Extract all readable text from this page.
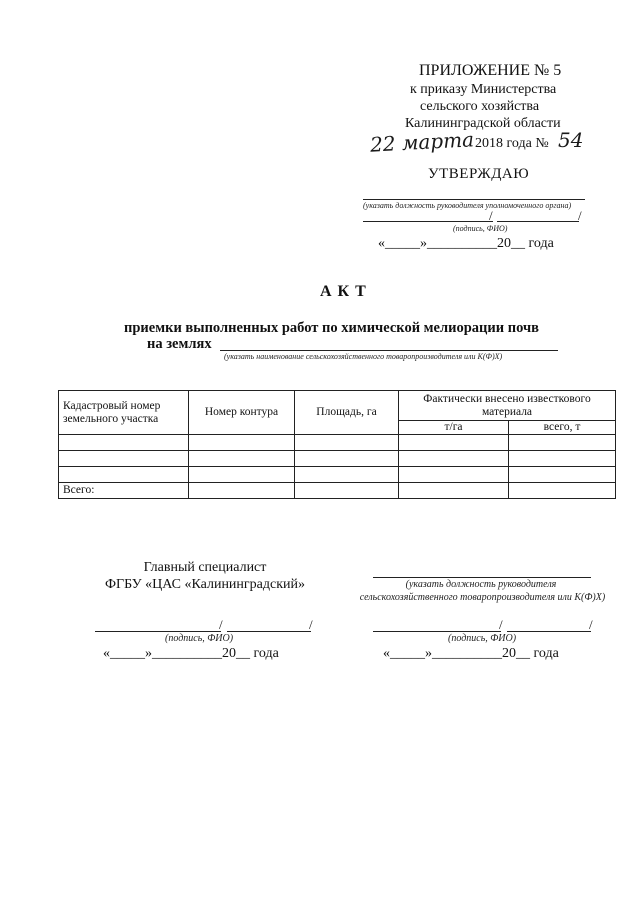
ПРИЛОЖЕНИЕ № 5
к приказу Министерства
сельского хозяйства
Калининградской области
22 марта 2018 года № 54
УТВЕРЖДАЮ
(указать должность руководителя уполномоченного органа)
/	/
(подпись, ФИО)
«_____»__________20__ года
А К Т
приемки выполненных работ по химической мелиорации почв
на землях
(указать наименование сельскохозяйственного товаропроизводителя или К(Ф)Х)
Кадастровый номер земельного участка	Номер контура	Площадь, га	Фактически внесено известкового материала	
			т/га	всего, т

Всего:				
Главный специалист
ФГБУ «ЦАС «Калининградский»
/	/
(подпись, ФИО)
«_____»__________20__ года
(указать должность руководителя
сельскохозяйственного товаропроизводителя или К(Ф)Х)
/	/
(подпись, ФИО)
«_____»__________20__ года
